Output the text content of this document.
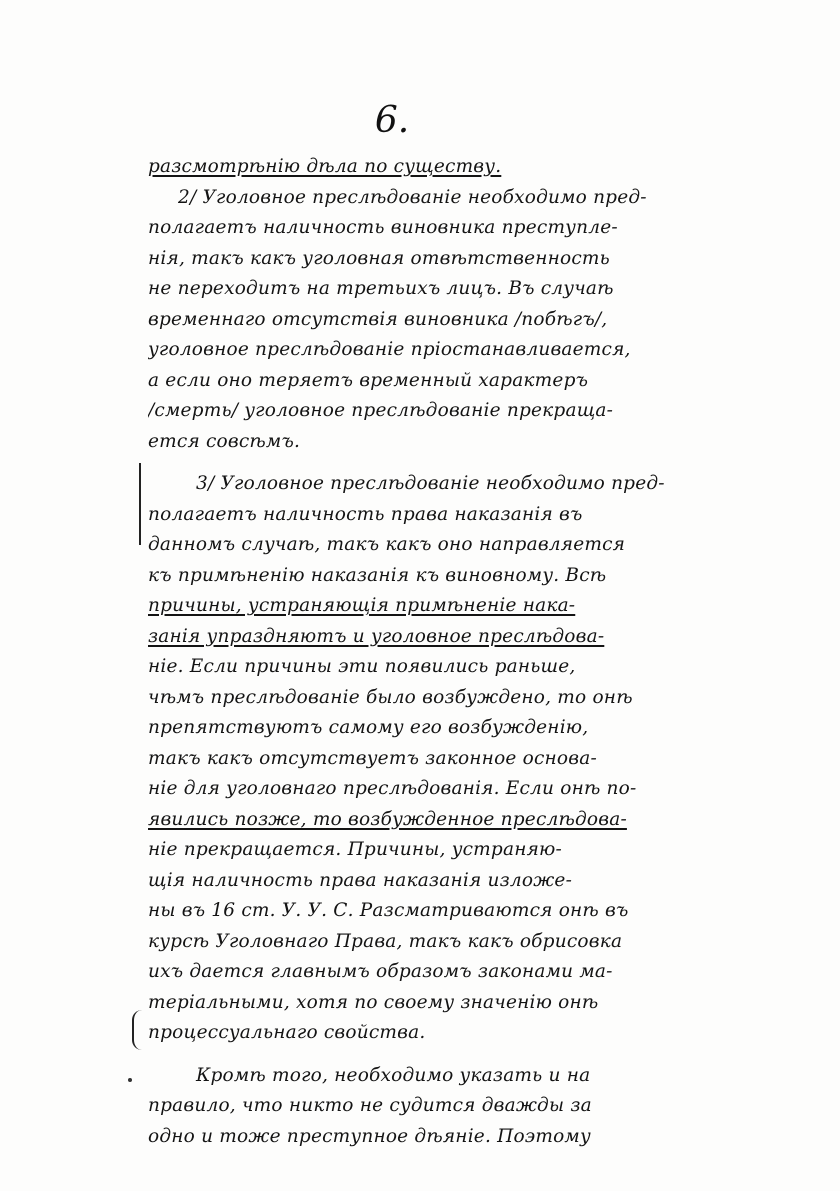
6.
разсмотрѣнію дѣла по существу.
2/ Уголовное преслѣдованіе необходимо пред-
полагаетъ наличность виновника преступле-
нія, такъ какъ уголовная отвѣтственность
не переходитъ на третьихъ лицъ. Въ случаѣ
временнаго отсутствія виновника /побѣгъ/,
уголовное преслѣдованіе пріостанавливается,
а если оно теряетъ временный характеръ
/смерть/ уголовное преслѣдованіе прекраща-
ется совсѣмъ.
3/ Уголовное преслѣдованіе необходимо пред-
полагаетъ наличность права наказанія въ
данномъ случаѣ, такъ какъ оно направляется
къ примѣненію наказанія къ виновному. Всѣ
причины, устраняющія примѣненіе нака-
занія упраздняютъ и уголовное преслѣдова-
ніе. Если причины эти появились раньше,
чѣмъ преслѣдованіе было возбуждено, то онѣ
препятствуютъ самому его возбужденію,
такъ какъ отсутствуетъ законное основа-
ніе для уголовнаго преслѣдованія. Если онѣ по-
явились позже, то возбужденное преслѣдова-
ніе прекращается. Причины, устраняю-
щія наличность права наказанія изложе-
ны въ 16 ст. У. У. С. Разсматриваются онѣ въ
курсѣ Уголовнаго Права, такъ какъ обрисовка
ихъ дается главнымъ образомъ законами ма-
теріальными, хотя по своему значенію онѣ
процессуальнаго свойства.
Кромѣ того, необходимо указать и на
правило, что никто не судится дважды за
одно и тоже преступное дѣяніе. Поэтому
